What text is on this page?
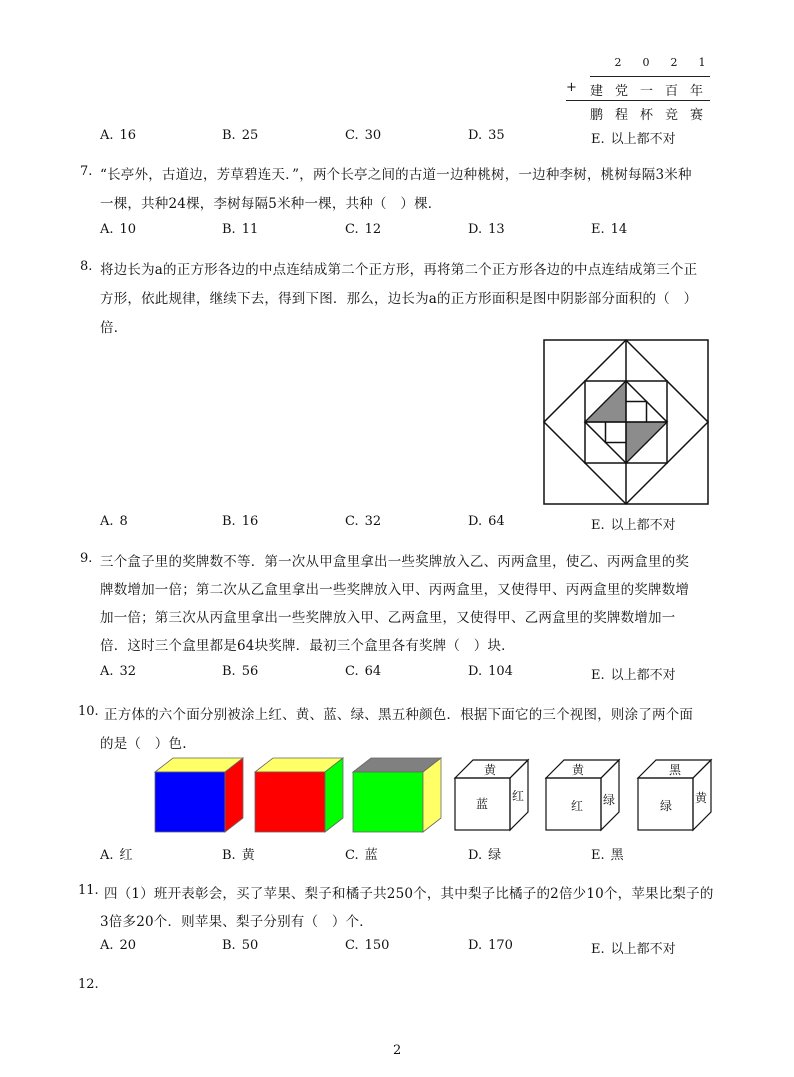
2 0 2 1
+	建 党 一 百 年
鹏 程 杯 竞 赛
A. 16	B. 25	C. 30	D. 35	E. 以上都不对
7. “长亭外，古道边，芳草碧连天．”，两个长亭之间的古道一边种桃树，一边种李树，桃树每隔3米种
一棵，共种24棵，李树每隔5米种一棵，共种（　）棵．
A. 10	B. 11	C. 12	D. 13	E. 14
8. 将边长为a的正方形各边的中点连结成第二个正方形，再将第二个正方形各边的中点连结成第三个正
方形，依此规律，继续下去，得到下图．那么，边长为a的正方形面积是图中阴影部分面积的（　）
倍．
A. 8	B. 16	C. 32	D. 64	E. 以上都不对
9. 三个盒子里的奖牌数不等．第一次从甲盒里拿出一些奖牌放入乙、丙两盒里，使乙、丙两盒里的奖
牌数增加一倍；第二次从乙盒里拿出一些奖牌放入甲、丙两盒里，又使得甲、丙两盒里的奖牌数增
加一倍；第三次从丙盒里拿出一些奖牌放入甲、乙两盒里，又使得甲、乙两盒里的奖牌数增加一
倍．这时三个盒里都是64块奖牌．最初三个盒里各有奖牌（　）块．
A. 32	B. 56	C. 64	D. 104	E. 以上都不对
10. 正方体的六个面分别被涂上红、黄、蓝、绿、黑五种颜色．根据下面它的三个视图，则涂了两个面
的是（　）色.
黄
蓝
红
黄
红 绿
黑
绿
黄
A. 红	B. 黄	C. 蓝	D. 绿	E. 黑
11. 四（1）班开表彰会，买了苹果、梨子和橘子共250个，其中梨子比橘子的2倍少10个，苹果比梨子的
3倍多20个．则苹果、梨子分别有（　）个．
A. 20	B. 50	C. 150	D. 170	E. 以上都不对
12.
2
